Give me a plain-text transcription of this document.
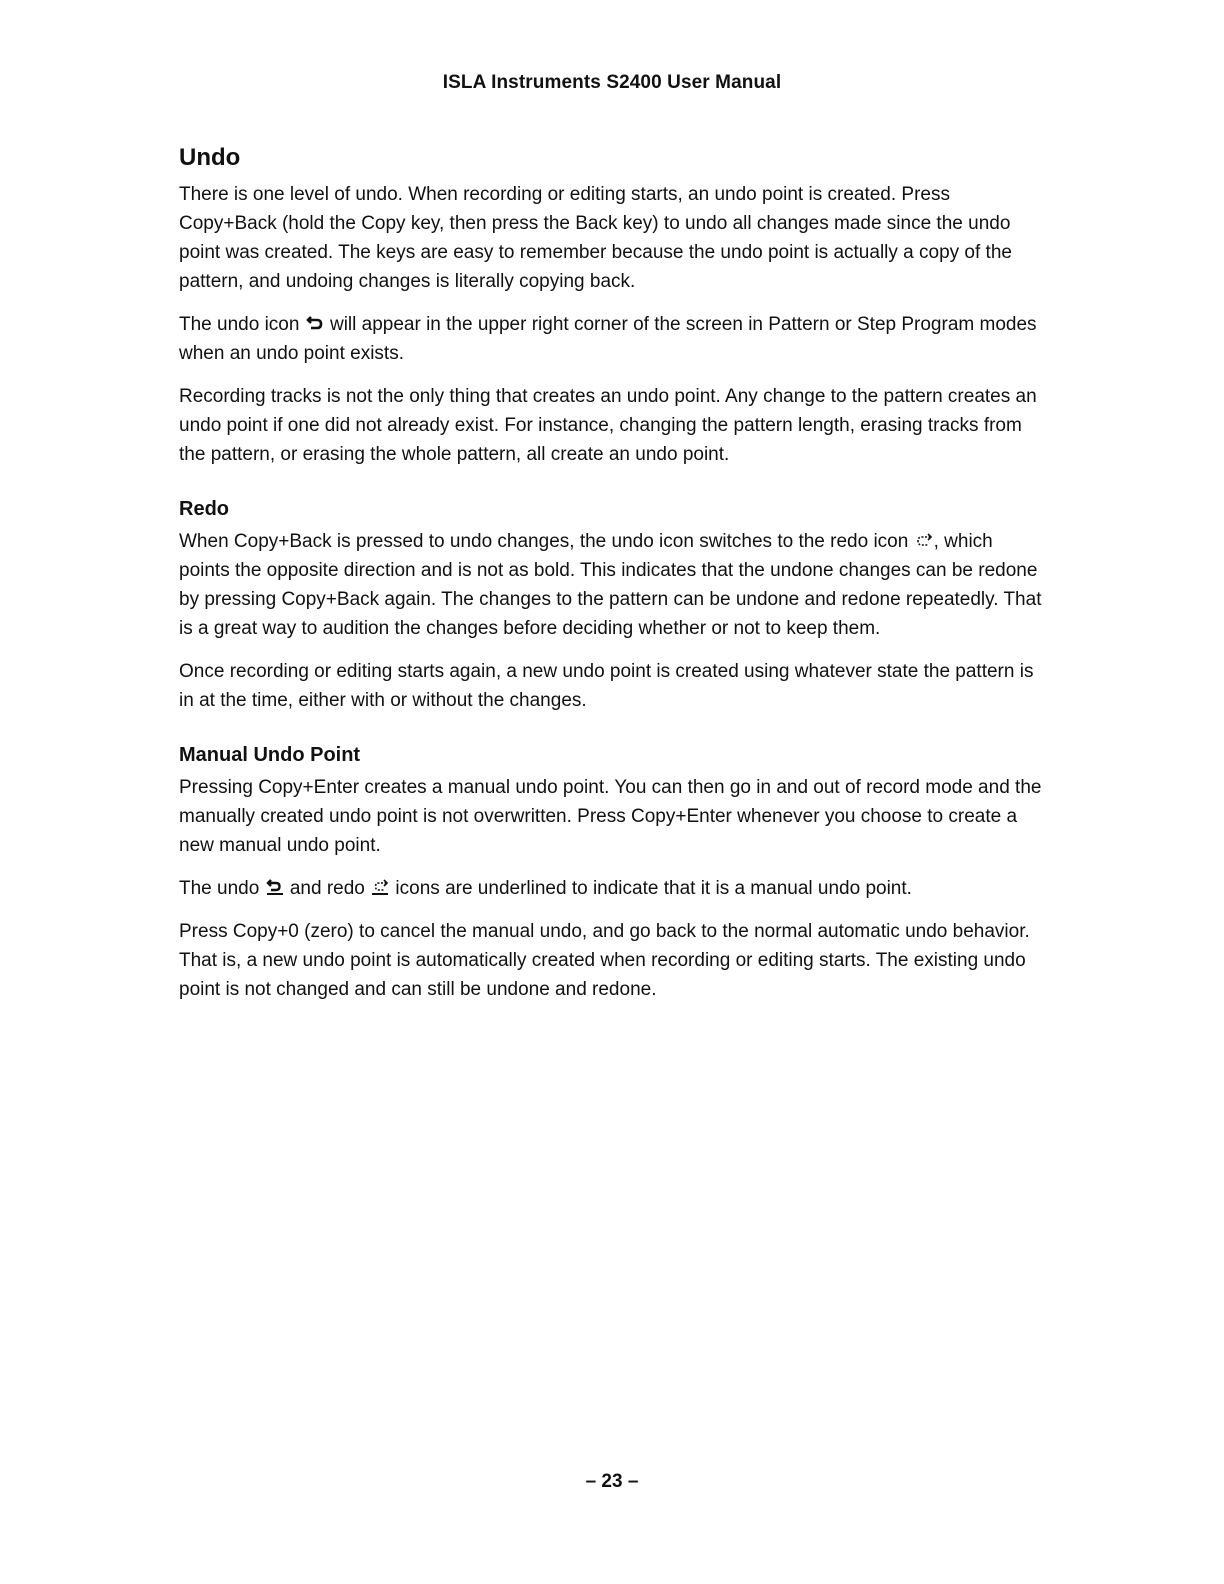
ISLA Instruments S2400 User Manual
Undo

There is one level of undo. When recording or editing starts, an undo point is created. Press Copy+Back (hold the Copy key, then press the Back key) to undo all changes made since the undo point was created. The keys are easy to remember because the undo point is actually a copy of the pattern, and undoing changes is literally copying back.

The undo icon
will appear in the upper right corner of the screen in Pattern or Step Program modes when an undo point exists.

Recording tracks is not the only thing that creates an undo point. Any change to the pattern creates an undo point if one did not already exist. For instance, changing the pattern length, erasing tracks from the pattern, or erasing the whole pattern, all create an undo point.

Redo

When Copy+Back is pressed to undo changes, the undo icon switches to the redo icon
, which points the opposite direction and is not as bold. This indicates that the undone changes can be redone by pressing Copy+Back again. The changes to the pattern can be undone and redone repeatedly. That is a great way to audition the changes before deciding whether or not to keep them.

Once recording or editing starts again, a new undo point is created using whatever state the pattern is in at the time, either with or without the changes.

Manual Undo Point

Pressing Copy+Enter creates a manual undo point. You can then go in and out of record mode and the manually created undo point is not overwritten. Press Copy+Enter whenever you choose to create a new manual undo point.

The undo
and redo
icons are underlined to indicate that it is a manual undo point.

Press Copy+0 (zero) to cancel the manual undo, and go back to the normal automatic undo behavior. That is, a new undo point is automatically created when recording or editing starts. The existing undo point is not changed and can still be undone and redone.

– 23 –
